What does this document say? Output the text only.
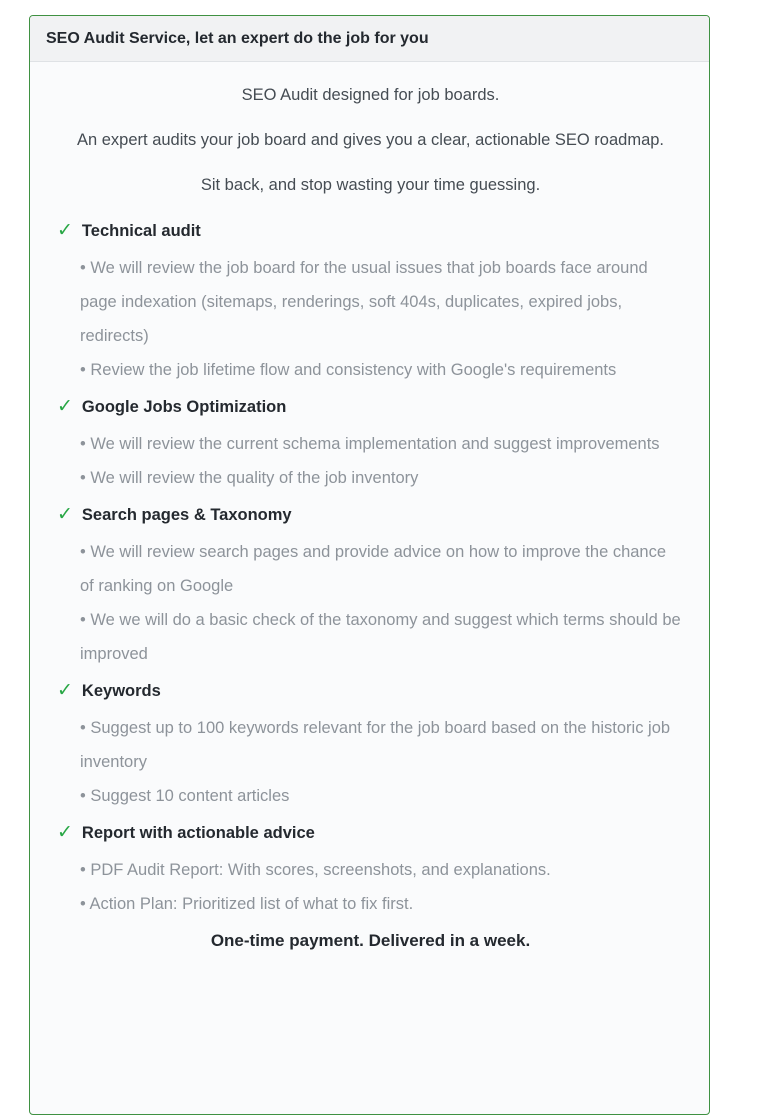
SEO Audit Service, let an expert do the job for you

SEO Audit designed for job boards.

An expert audits your job board and gives you a clear, actionable SEO roadmap.

Sit back, and stop wasting your time guessing.

✓ Technical audit

• We will review the job board for the usual issues that job boards face around page indexation (sitemaps, renderings, soft 404s, duplicates, expired jobs, redirects)

• Review the job lifetime flow and consistency with Google's requirements

✓ Google Jobs Optimization

• We will review the current schema implementation and suggest improvements

• We will review the quality of the job inventory

✓ Search pages & Taxonomy

• We will review search pages and provide advice on how to improve the chance of ranking on Google

• We we will do a basic check of the taxonomy and suggest which terms should be improved

✓ Keywords

• Suggest up to 100 keywords relevant for the job board based on the historic job inventory

• Suggest 10 content articles

✓ Report with actionable advice

• PDF Audit Report: With scores, screenshots, and explanations.

• Action Plan: Prioritized list of what to fix first.

One-time payment. Delivered in a week.
